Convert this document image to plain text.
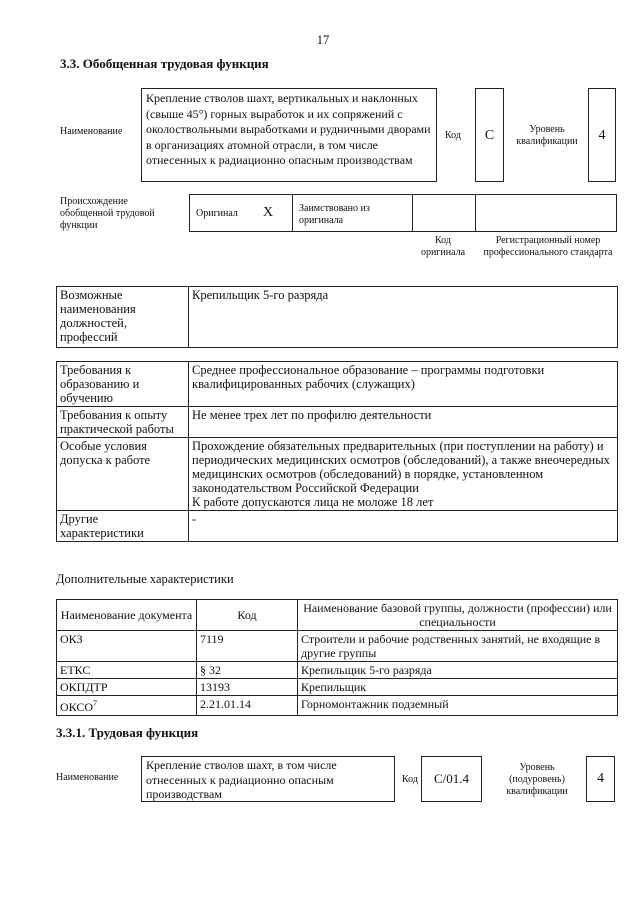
17
3.3. Обобщенная трудовая функция
Наименование
Крепление стволов шахт, вертикальных и наклонных (свыше 45°) горных выработок и их сопряжений с околоствольными выработками и рудничными дворами в организациях атомной отрасли, в том числе отнесенных к радиационно опасным производствам
Код	С	Уровень квалификации	4
Происхождение обобщенной трудовой функции
Оригинал X	Заимствовано из оригинала
Код оригинала
Регистрационный номер профессионального стандарта
Возможные наименования должностей, профессий	Крепильщик 5-го разряда
Требования к образованию и обучению	Среднее профессиональное образование – программы подготовки квалифицированных рабочих (служащих)
Требования к опыту практической работы	Не менее трех лет по профилю деятельности
Особые условия допуска к работе	Прохождение обязательных предварительных (при поступлении на работу) и периодических медицинских осмотров (обследований), а также внеочередных медицинских осмотров (обследований) в порядке, установленном законодательством Российской Федерации
К работе допускаются лица не моложе 18 лет

Другие характеристики	-
Дополнительные характеристики
Наименование документа	Код	Наименование базовой группы, должности (профессии) или специальности
ОКЗ	7119	Строители и рабочие родственных занятий, не входящие в другие группы
ЕТКС	§ 32	Крепильщик 5-го разряда
ОКПДТР	13193	Крепильщик
ОКСО$^7$	2.21.01.14	Горномонтажник подземный
3.3.1. Трудовая функция
Наименование
Крепление стволов шахт, в том числе отнесенных к радиационно опасным производствам
Код	С/01.4
Уровень (подуровень) квалификации
4
